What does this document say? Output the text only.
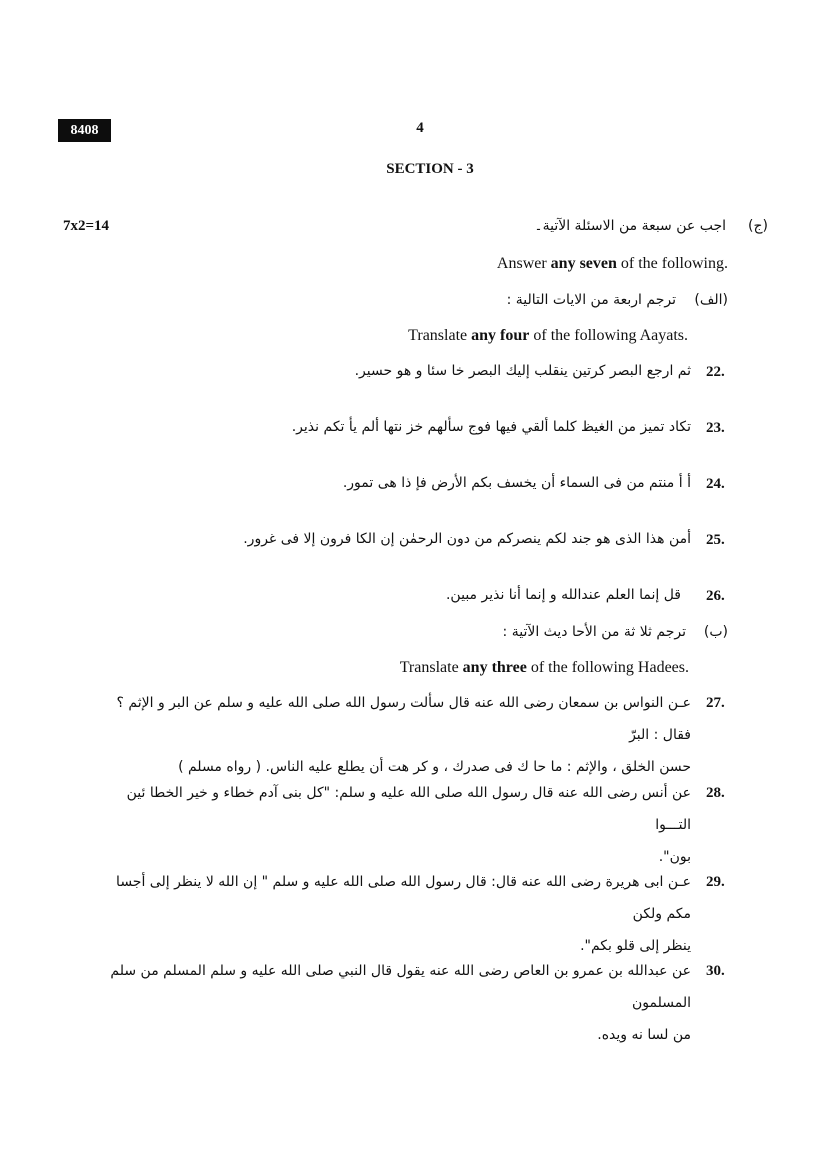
8408	4
SECTION - 3
7x2=14	(ج)
اجب عن سبعة من الاسئلة الآتية۔
Answer any seven of the following.
(الف)
ترجم اربعة من الايات التالية :
Translate any four of the following Aayats.
22.
ثم ارجع البصر كرتين ينقلب إليك البصر خا سئا و هو حسير.
23.
تكاد تميز من الغيظ كلما ألقي فيها فوج سألهم خز نتها ألم يأ تكم نذير.
24.
أ أ منتم من فى السماء أن يخسف بكم الأرض فإ ذا هى تمور.
25.
أمن هذا الذى هو جند لكم ينصركم من دون الرحمٰن إن الكا فرون إلا فى غرور.
26.
قل إنما العلم عندالله و إنما أنا نذير مبين.
(ب)
ترجم ثلا ثة من الأحا ديث الآتية :
Translate any three of the following Hadees.
27.
عـن النواس بن سمعان رضى الله عنه قال سألت رسول الله صلى الله عليه و سلم عن البر و الإثم ؟ فقال : البرّ
حسن الخلق ، والإثم : ما حا ك فى صدرك ، و كر هت أن يطلع عليه الناس. ( رواه مسلم )
28.
عن أنس رضى الله عنه قال رسول الله صلى الله عليه و سلم: "كل بنى آدم خطاء و خير الخطا ئين التـــوا
بون".
29.
عـن ابى هريرة رضى الله عنه قال: قال رسول الله صلى الله عليه و سلم " إن الله لا ينظر إلى أجسا مكم ولكن
ينظر إلى قلو بكم".
30.
عن عبدالله بن عمرو بن العاص رضى الله عنه يقول قال النبي صلى الله عليه و سلم المسلم من سلم المسلمون
من لسا نه ويده.
